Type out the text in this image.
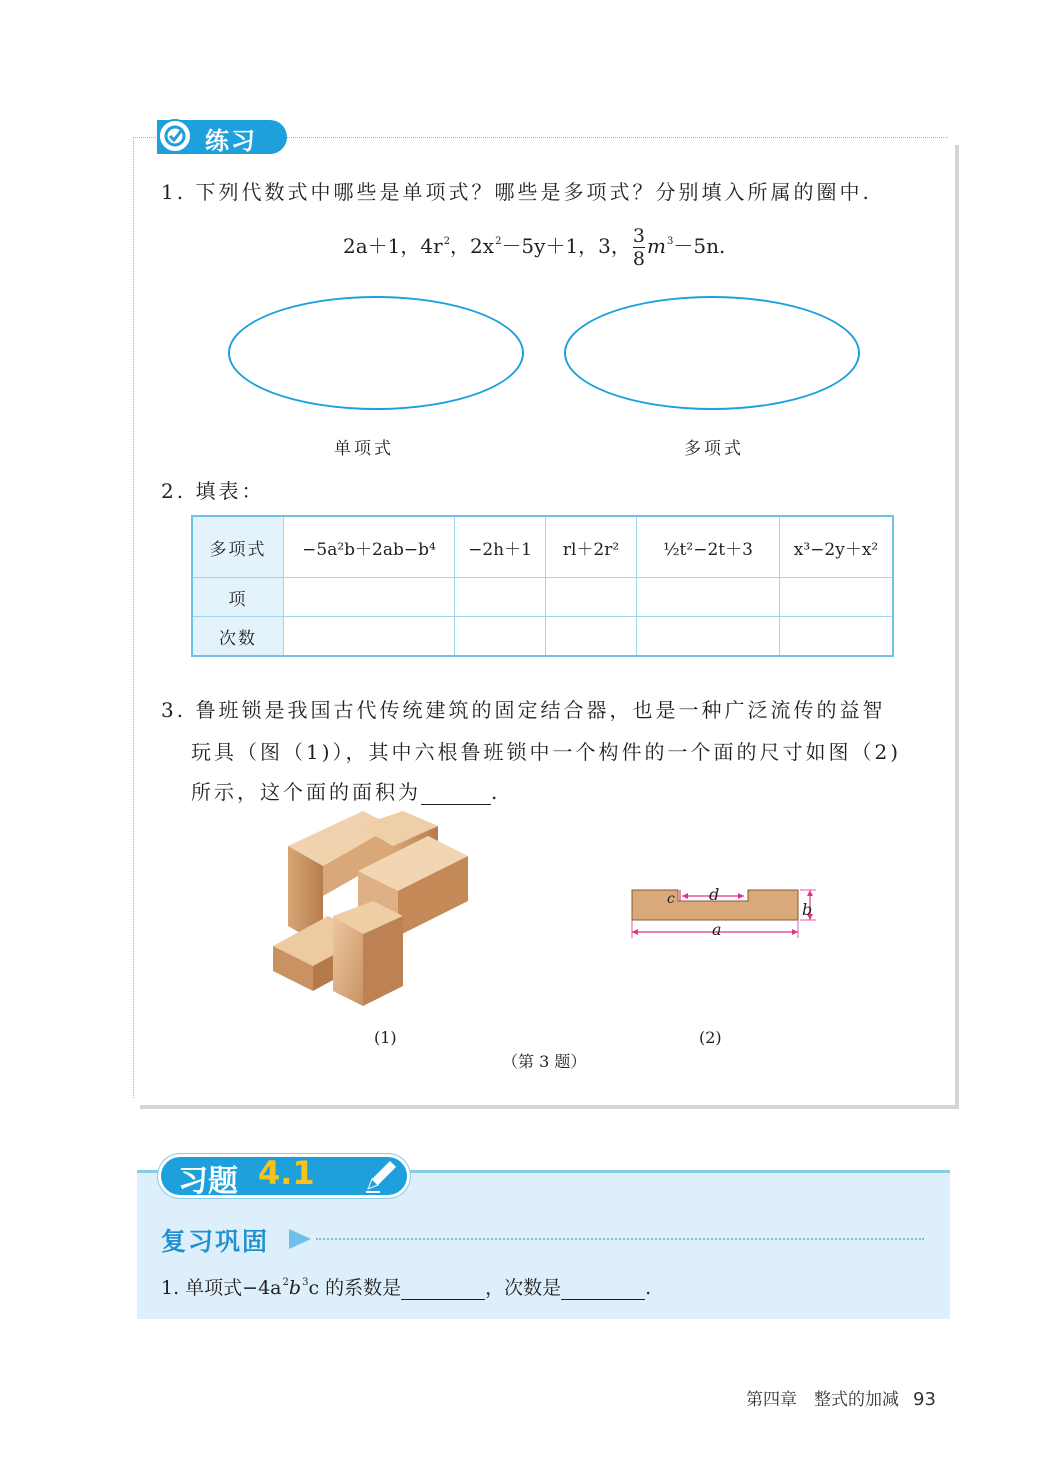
练习
1. 下列代数式中哪些是单项式？哪些是多项式？分别填入所属的圈中.
2a＋1，$4r^2$，$2x^2-5y+1$，3， $\frac{3}{8} m^3-5n$.
单项式	多项式
2. 填表：
多项式	−5a²b＋2ab−b⁴	−2h＋1	rl＋2r²	½t²−2t＋3	x³−2y＋x²
项					
次数					
3. 鲁班锁是我国古代传统建筑的固定结合器，也是一种广泛流传的益智
玩具（图（1)），其中六根鲁班锁中一个构件的一个面的尺寸如图（2)
所示，这个面的面积为	.
d
c
b
a
(1)	(2)
（第 3 题）
习题 4.1
复习巩固
1. 单项式$-4a^2b^3c$ 的系数是	，次数是	.
第四章　整式的加减 93
